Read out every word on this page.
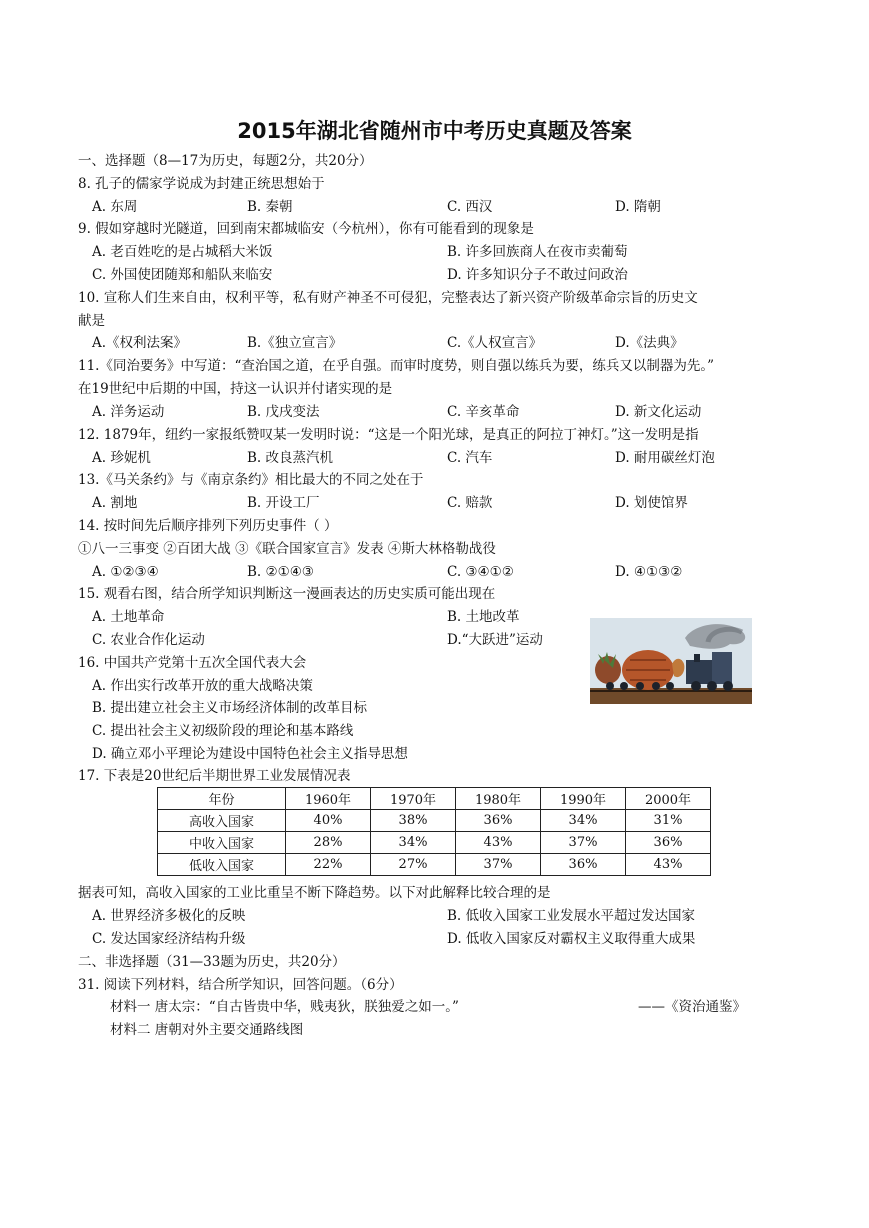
2015年湖北省随州市中考历史真题及答案
一、选择题（8—17为历史，每题2分，共20分）
8. 孔子的儒家学说成为封建正统思想始于
A. 东周	B. 秦朝	C. 西汉	D. 隋朝
9. 假如穿越时光隧道，回到南宋都城临安（今杭州），你有可能看到的现象是
A. 老百姓吃的是占城稻大米饭	B. 许多回族商人在夜市卖葡萄
C. 外国使团随郑和船队来临安	D. 许多知识分子不敢过问政治
10. 宣称人们生来自由，权利平等，私有财产神圣不可侵犯，完整表达了新兴资产阶级革命宗旨的历史文
献是
A.《权利法案》	B.《独立宣言》	C.《人权宣言》	D.《法典》
11.《同治要务》中写道：“查治国之道，在乎自强。而审时度势，则自强以练兵为要，练兵又以制器为先。”
在19世纪中后期的中国，持这一认识并付诸实现的是
A. 洋务运动	B. 戊戌变法	C. 辛亥革命	D. 新文化运动
12. 1879年，纽约一家报纸赞叹某一发明时说：“这是一个阳光球，是真正的阿拉丁神灯。”这一发明是指
A. 珍妮机	B. 改良蒸汽机	C. 汽车	D. 耐用碳丝灯泡
13.《马关条约》与《南京条约》相比最大的不同之处在于
A. 割地	B. 开设工厂	C. 赔款	D. 划使馆界
14. 按时间先后顺序排列下列历史事件（ ）
①八一三事变 ②百团大战 ③《联合国家宣言》发表 ④斯大林格勒战役
A. ①②③④	B. ②①④③	C. ③④①②	D. ④①③②
15. 观看右图，结合所学知识判断这一漫画表达的历史实质可能出现在
A. 土地革命	B. 土地改革
C. 农业合作化运动	D.“大跃进”运动
16. 中国共产党第十五次全国代表大会
A. 作出实行改革开放的重大战略决策
B. 提出建立社会主义市场经济体制的改革目标
C. 提出社会主义初级阶段的理论和基本路线
D. 确立邓小平理论为建设中国特色社会主义指导思想
17. 下表是20世纪后半期世界工业发展情况表
年份	1960年	1970年	1980年	1990年	2000年
高收入国家	40%	38%	36%	34%	31%
中收入国家	28%	34%	43%	37%	36%
低收入国家	22%	27%	37%	36%	43%
据表可知，高收入国家的工业比重呈不断下降趋势。以下对此解释比较合理的是
A. 世界经济多极化的反映	B. 低收入国家工业发展水平超过发达国家
C. 发达国家经济结构升级	D. 低收入国家反对霸权主义取得重大成果
二、非选择题（31—33题为历史，共20分）
31. 阅读下列材料，结合所学知识，回答问题。（6分）
材料一 唐太宗：“自古皆贵中华，贱夷狄，朕独爱之如一。”	——《资治通鉴》
材料二 唐朝对外主要交通路线图
